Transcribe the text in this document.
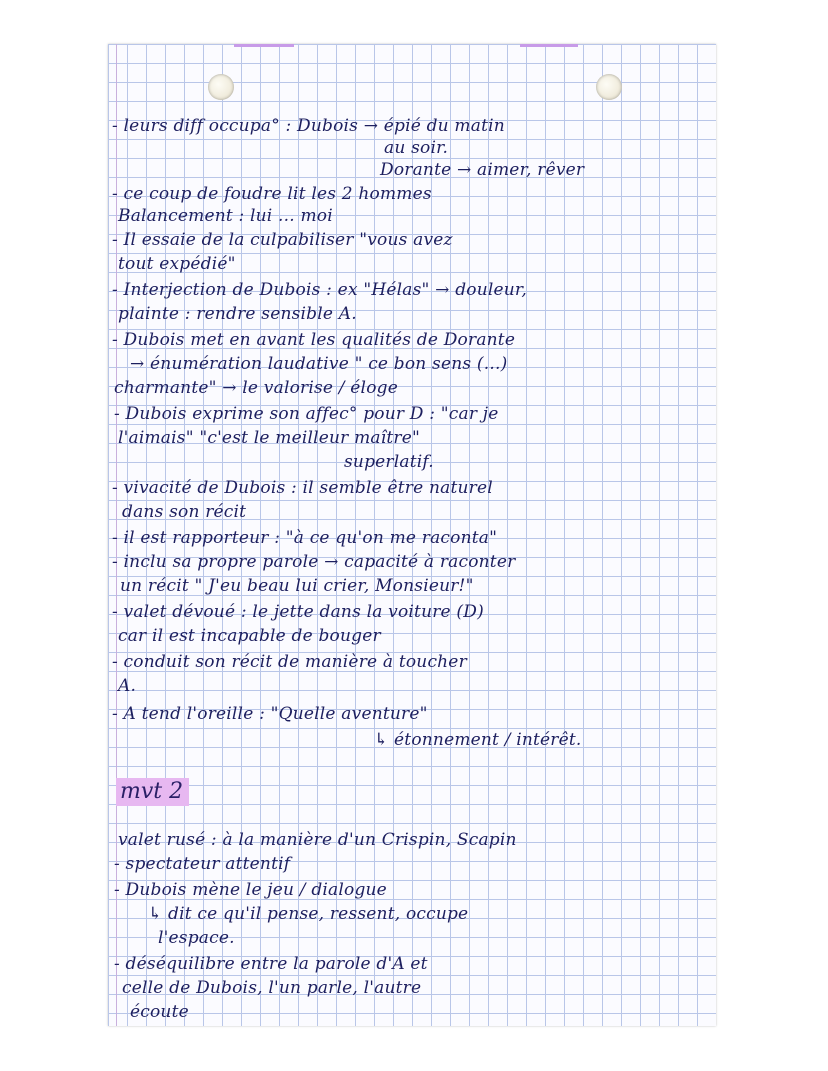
- leurs diff occupa° : Dubois → épié du matin
au soir.
Dorante → aimer, rêver
- ce coup de foudre lit les 2 hommes
Balancement : lui ... moi
- Il essaie de la culpabiliser "vous avez
tout expédié"
- Interjection de Dubois : ex "Hélas" → douleur,
plainte : rendre sensible A.
- Dubois met en avant les qualités de Dorante
→ énumération laudative " ce bon sens (...)
charmante" → le valorise / éloge
- Dubois exprime son affec° pour D : "car je
l'aimais" "c'est le meilleur maître"
superlatif.
- vivacité de Dubois : il semble être naturel
dans son récit
- il est rapporteur : "à ce qu'on me raconta"
- inclu sa propre parole → capacité à raconter
un récit " J'eu beau lui crier, Monsieur!"
- valet dévoué : le jette dans la voiture (D)
car il est incapable de bouger
- conduit son récit de manière à toucher
A.
- A tend l'oreille : "Quelle aventure"
↳ étonnement / intérêt.
mvt 2
valet rusé : à la manière d'un Crispin, Scapin
- spectateur attentif
- Dubois mène le jeu / dialogue
↳ dit ce qu'il pense, ressent, occupe
l'espace.
- déséquilibre entre la parole d'A et
celle de Dubois, l'un parle, l'autre
écoute
